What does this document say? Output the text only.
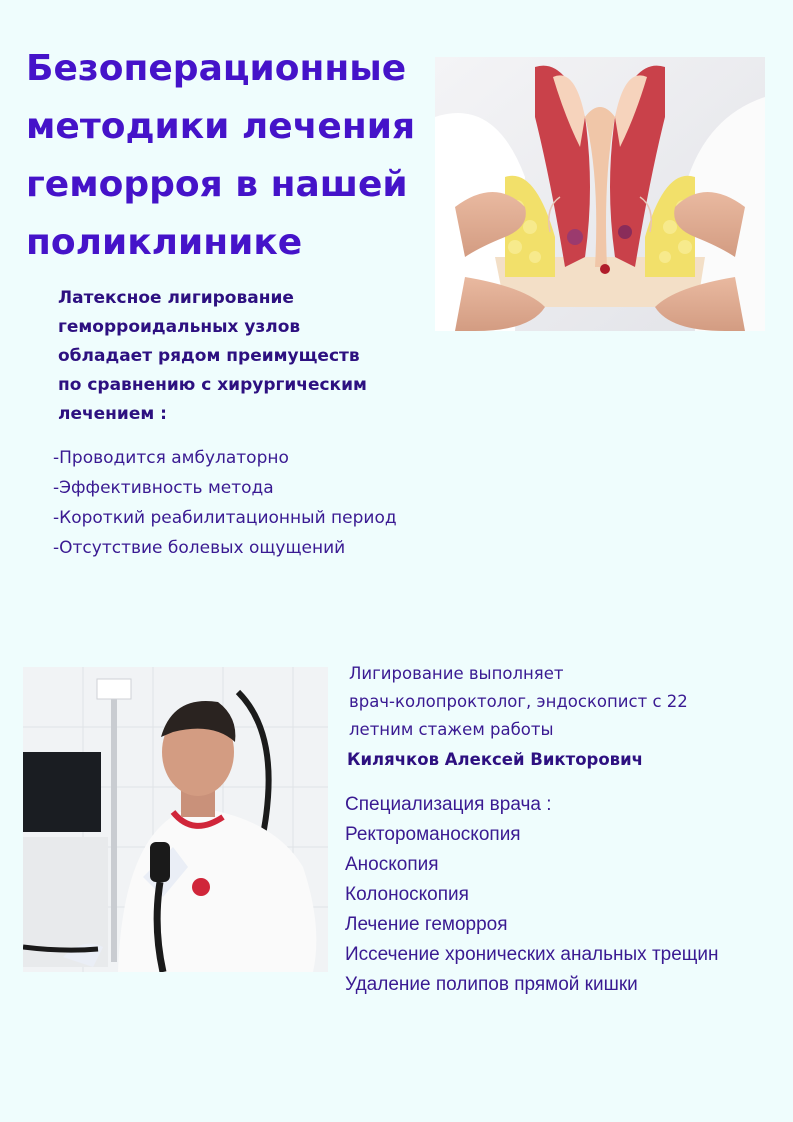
Безоперационные
методики лечения
геморроя в нашей
поликлинике
Латексное лигирование
геморроидальных узлов
обладает рядом преимуществ
по сравнению с хирургическим
лечением :
-Проводится амбулаторно
-Эффективность метода
-Короткий реабилитационный период
-Отсутствие болевых ощущений
Лигирование выполняет
врач-колопроктолог, эндоскопист с 22
летним стажем работы
Килячков Алексей Викторович
Специализация врача :
Ректороманоскопия
Аноскопия
Колоноскопия
Лечение геморроя
Иссечение хронических анальных трещин
Удаление полипов прямой кишки
